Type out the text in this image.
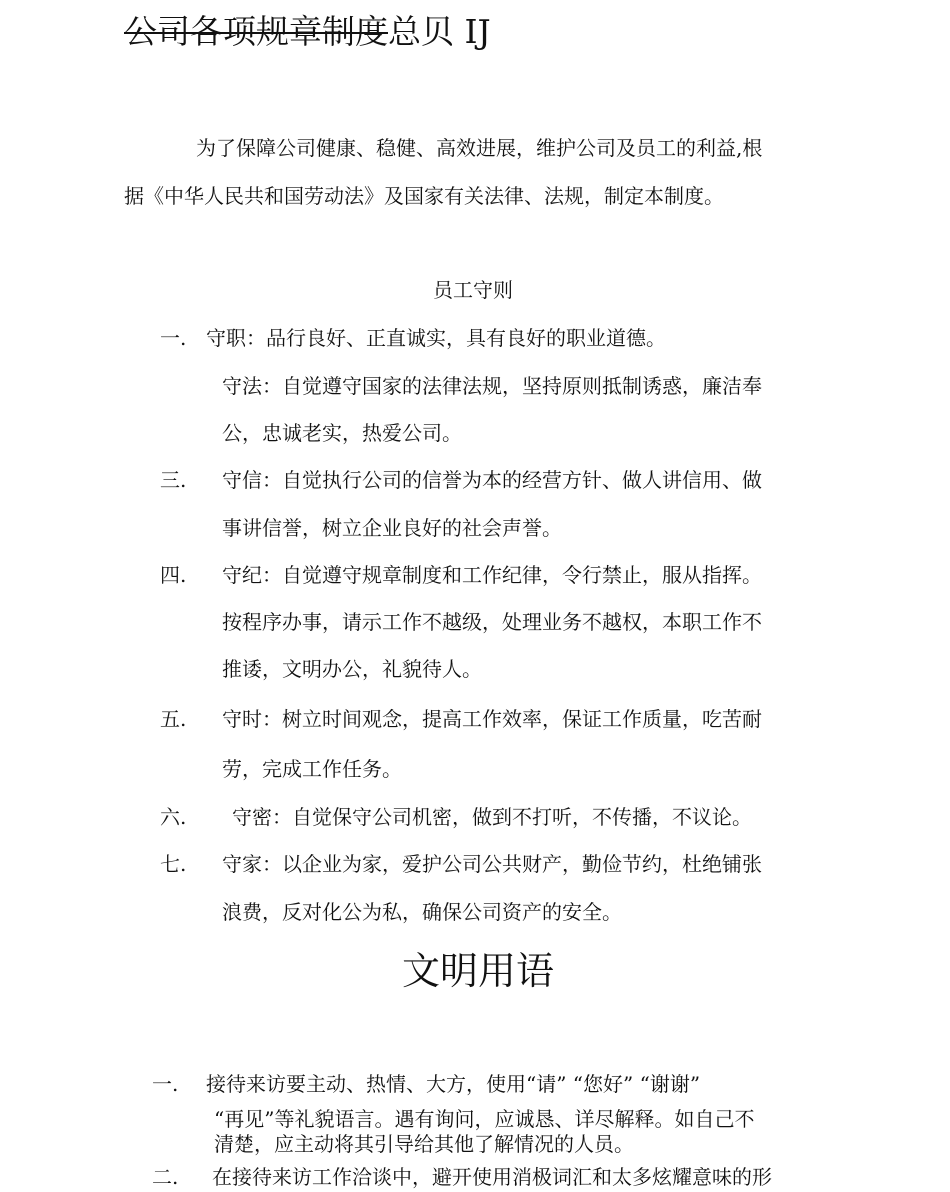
公司各项规章制度总贝 IJ
为了保障公司健康、稳健、高效进展，维护公司及员工的利益,根
据《中华人民共和国劳动法》及国家有关法律、法规，制定本制度。
员工守则
一. 守职：品行良好、正直诚实，具有良好的职业道德。
守法：自觉遵守国家的法律法规，坚持原则抵制诱惑，廉洁奉
公，忠诚老实，热爱公司。
三. 守信：自觉执行公司的信誉为本的经营方针、做人讲信用、做
事讲信誉，树立企业良好的社会声誉。
四. 守纪：自觉遵守规章制度和工作纪律，令行禁止，服从指挥。
按程序办事，请示工作不越级，处理业务不越权，本职工作不
推诿，文明办公，礼貌待人。
五. 守时：树立时间观念，提高工作效率，保证工作质量，吃苦耐
劳，完成工作任务。
六. 守密：自觉保守公司机密，做到不打听，不传播，不议论。
七. 守家：以企业为家，爱护公司公共财产，勤俭节约，杜绝铺张
浪费，反对化公为私，确保公司资产的安全。
文明用语
一. 接待来访要主动、热情、大方，使用“请” “您好” “谢谢”
“再见”等礼貌语言。遇有询问，应诚恳、详尽解释。如自己不
清楚，应主动将其引导给其他了解情况的人员。
二. 在接待来访工作洽谈中，避开使用消极词汇和太多炫耀意味的形
